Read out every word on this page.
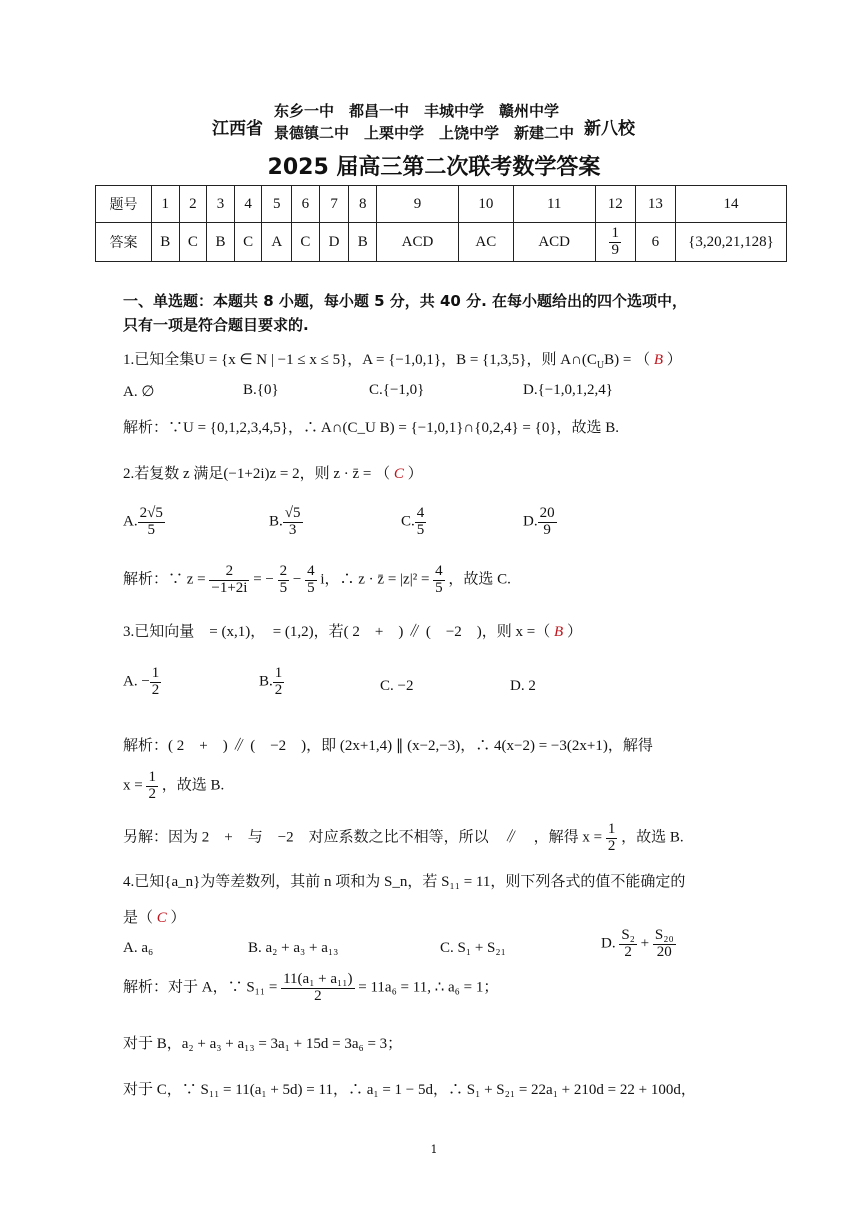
江西省
东乡一中　都昌一中　丰城中学　赣州中学
景德镇二中　上栗中学　上饶中学　新建二中 新八校
2025 届高三第二次联考数学答案
题号	1	2	3	4	5	6	7	8	9	10	11	12	13	14
答案	B	C	B	C	A	C	D	B	ACD	AC	ACD	$\frac{1}{9}$	6	{3,20,21,128}
一、单选题：本题共 8 小题，每小题 5 分，共 40 分. 在每小题给出的四个选项中，
只有一项是符合题目要求的.
1.已知全集U = {x ∈ N | −1 ≤ x ≤ 5}，A = {−1,0,1}，B = {1,3,5}，则 $A\cap(C_UB)$ = （ B ）
A. ∅	B.{0}	C.{−1,0}	D.{−1,0,1,2,4}
解析：∵U = {0,1,2,3,4,5}，∴ A∩(C_U B) = {−1,0,1}∩{0,2,4} = {0}，故选 B.
2.若复数 z 满足(−1+2i)z = 2，则 z · z̄ = （ C ）
A. $\frac{2√5}{5}$	B. $\frac{√5}{3}$	C. $\frac{4}{5}$	D. $\frac{20}{9}$
解析：∵ $z = \frac{2}{-1+2i}$ = − $\frac{2}{5} - \frac{4}{5}$ i，∴ z · z̄ = $|z|^2 = \frac{4}{5}$ ，故选 C.
3.已知向量　= (x,1)，　= (1,2)，若( 2　+　) ∥ (　−2　)，则 x =（ B ）
A. − $\frac{1}{2}$	B. $\frac{1}{2}$	C. −2	D. 2
解析：( 2　+　) ∥ (　−2　)，即 (2x+1,4) ∥ (x−2,−3)，∴ 4(x−2) = −3(2x+1)，解得
$x = \frac{1}{2}$ ，故选 B.
另解：因为 2　+　与　−2　对应系数之比不相等，所以　∥　，解得 $x = \frac{1}{2}$ ，故选 B.
4.已知{a_n}为等差数列，其前 n 项和为 S_n，若 S₁₁ = 11，则下列各式的值不能确定的
是（ C ）
A. a₆	B. a₂ + a₃ + a₁₃	C. S₁ + S₂₁	D. $\frac{\text{S₂}}{2} + \frac{\text{S₂₀}}{20}$
解析：对于 A，∵ $S_{11} = \frac{\text{11(a₁ + a₁₁)}}{2} = 11a_6 = 11$, ∴ a₆ = 1；
对于 B，a₂ + a₃ + a₁₃ = 3a₁ + 15d = 3a₆ = 3；
对于 C，∵ S₁₁ = 11(a₁ + 5d) = 11，∴ a₁ = 1 − 5d，∴ S₁ + S₂₁ = 22a₁ + 210d = 22 + 100d，
1
